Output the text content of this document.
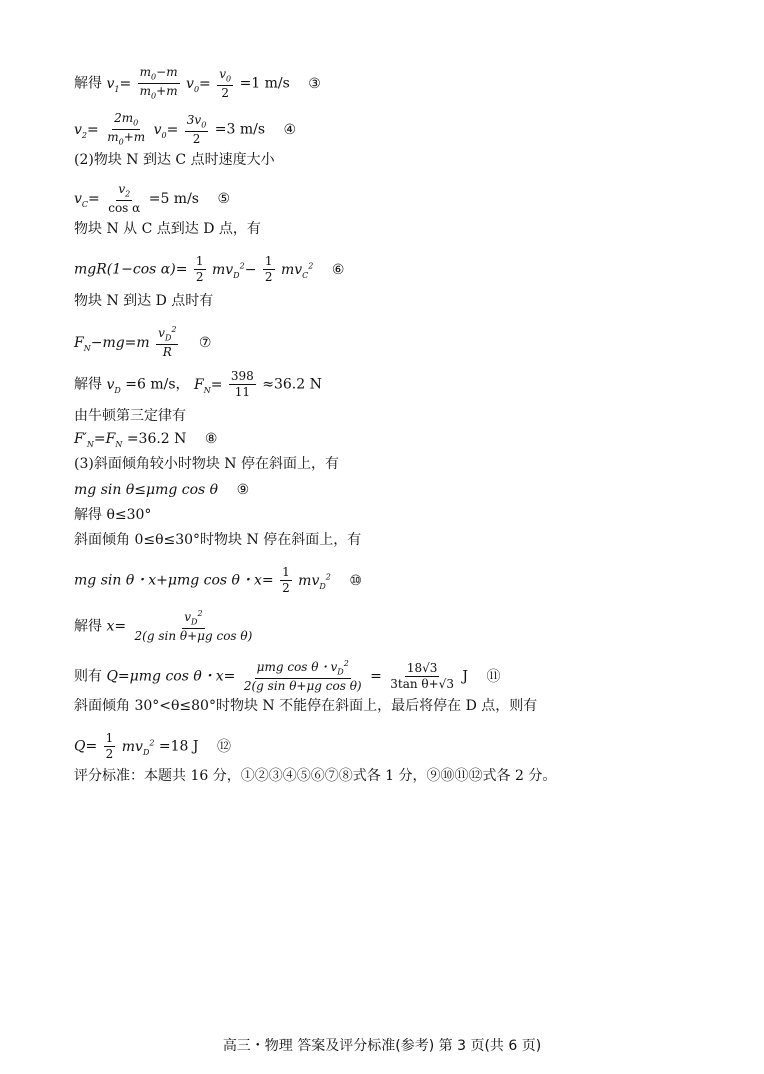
解得 $v_1= \frac{m_0-m}{m_0+m} v_0= \frac{v_0}{2} =1$ m/s ③
$v_2= \frac{2m_0}{m_0+m} v_0= \frac{3v_0}{2} =3$ m/s ④
(2)物块 N 到达 C 点时速度大小
$v_C= \frac{v_2}{\text{cos α}} =5$ m/s ⑤
物块 N 从 C 点到达 D 点，有
mgR(1−cos $\alpha)= \frac{1}{2} mv_D^2- \frac{1}{2} mv_C^2$ ⑥
物块 N 到达 D 点时有
$F_N-mg=m \frac{v_D^2}{R}$ ⑦
解得 $v_D =6$ m/s， $F_N= \frac{398}{11} \approx 36.2$ N
由牛顿第三定律有
$F'_N=F_N =36.2$ N ⑧
(3)斜面倾角较小时物块 N 停在斜面上，有
mg sin θ≤μmg cos θ ⑨
解得 θ≤30°
斜面倾角 0≤θ≤30°时物块 N 停在斜面上，有
mg sin θ・x+μmg cos θ・$x= \frac{1}{2} mv_D^2$ ⑩
解得 $x= \frac{v_D^2}{\text{2(g sin θ+μg cos θ)}}$
则有 Q=μmg cos θ・$x= \frac{\mu mg \cos \theta・v_D^2}{\text{2(g sin θ+μg cos θ)}} = \frac{18√3}{\text{3tan θ+√3}}$ J ⑪
斜面倾角 30°<θ≤80°时物块 N 不能停在斜面上，最后将停在 D 点，则有
$Q= \frac{1}{2} mv_D^2 =18$ J ⑫
评分标准：本题共 16 分，①②③④⑤⑥⑦⑧式各 1 分，⑨⑩⑪⑫式各 2 分。
高三・物理 答案及评分标准(参考) 第 3 页(共 6 页)
